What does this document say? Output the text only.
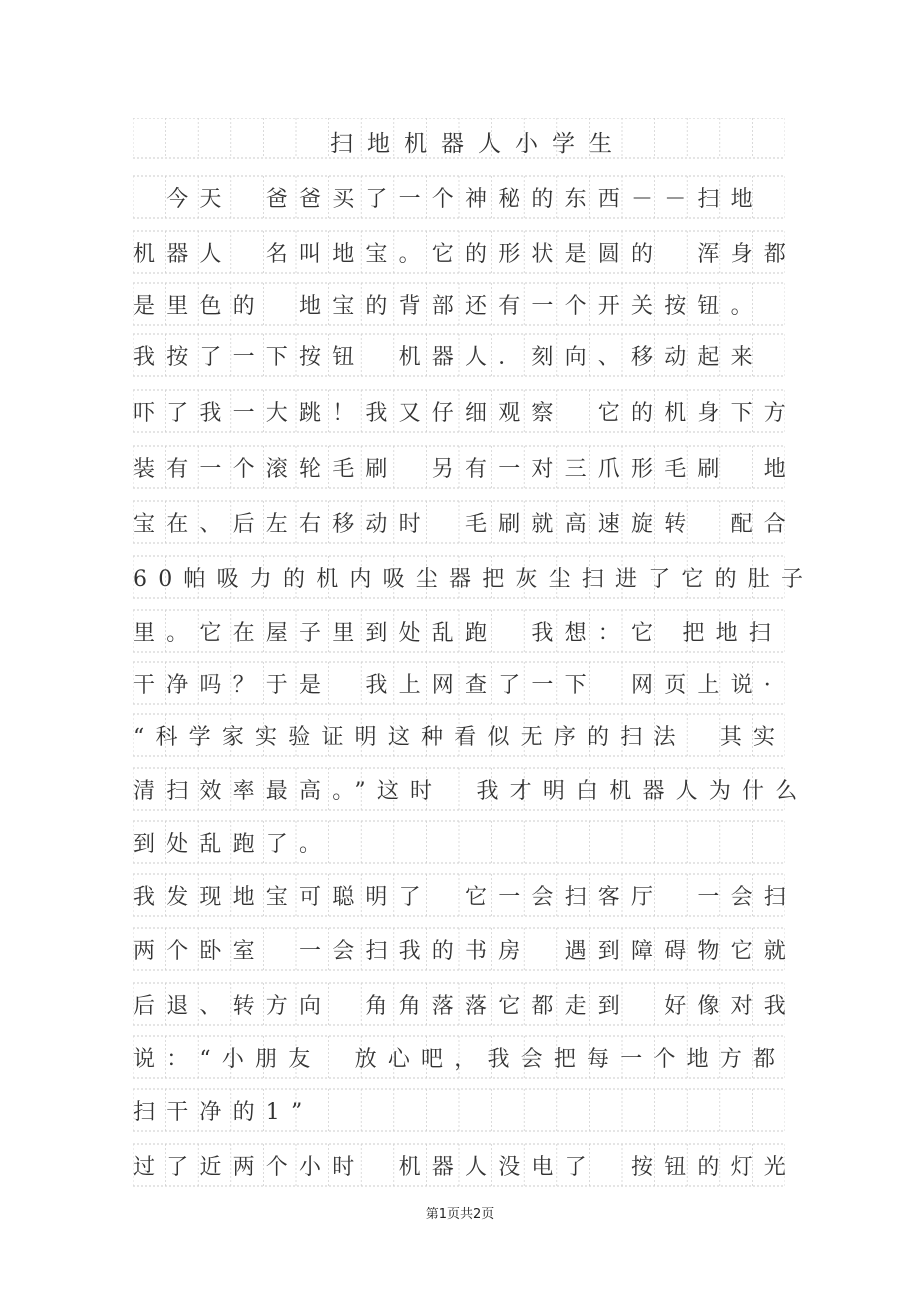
扫地机器人小学生
　今天　爸爸买了一个神秘的东西－－扫地
机器人　名叫地宝。它的形状是圆的　浑身都
是里色的　地宝的背部还有一个开关按钮。
我按了一下按钮　机器人．刻向、移动起来
吓了我一大跳！我又仔细观察　它的机身下方
装有一个滚轮毛刷　另有一对三爪形毛刷　地
宝在、后左右移动时　毛刷就高速旋转　配合
60帕吸力的机内吸尘器把灰尘扫进了它的肚子
里。它在屋子里到处乱跑　我想：它 把地扫
干净吗？于是　我上网查了一下　网页上说·
“科学家实验证明这种看似无序的扫法　其实
清扫效率最高。”这时　我才明白机器人为什么
到处乱跑了。
我发现地宝可聪明了　它一会扫客厅　一会扫
两个卧室　一会扫我的书房　遇到障碍物它就
后退、转方向　角角落落它都走到　好像对我
说：“小朋友　放心吧，我会把每一个地方都
扫干净的1”
过了近两个小时　机器人没电了　按钮的灯光
第1页共2页
